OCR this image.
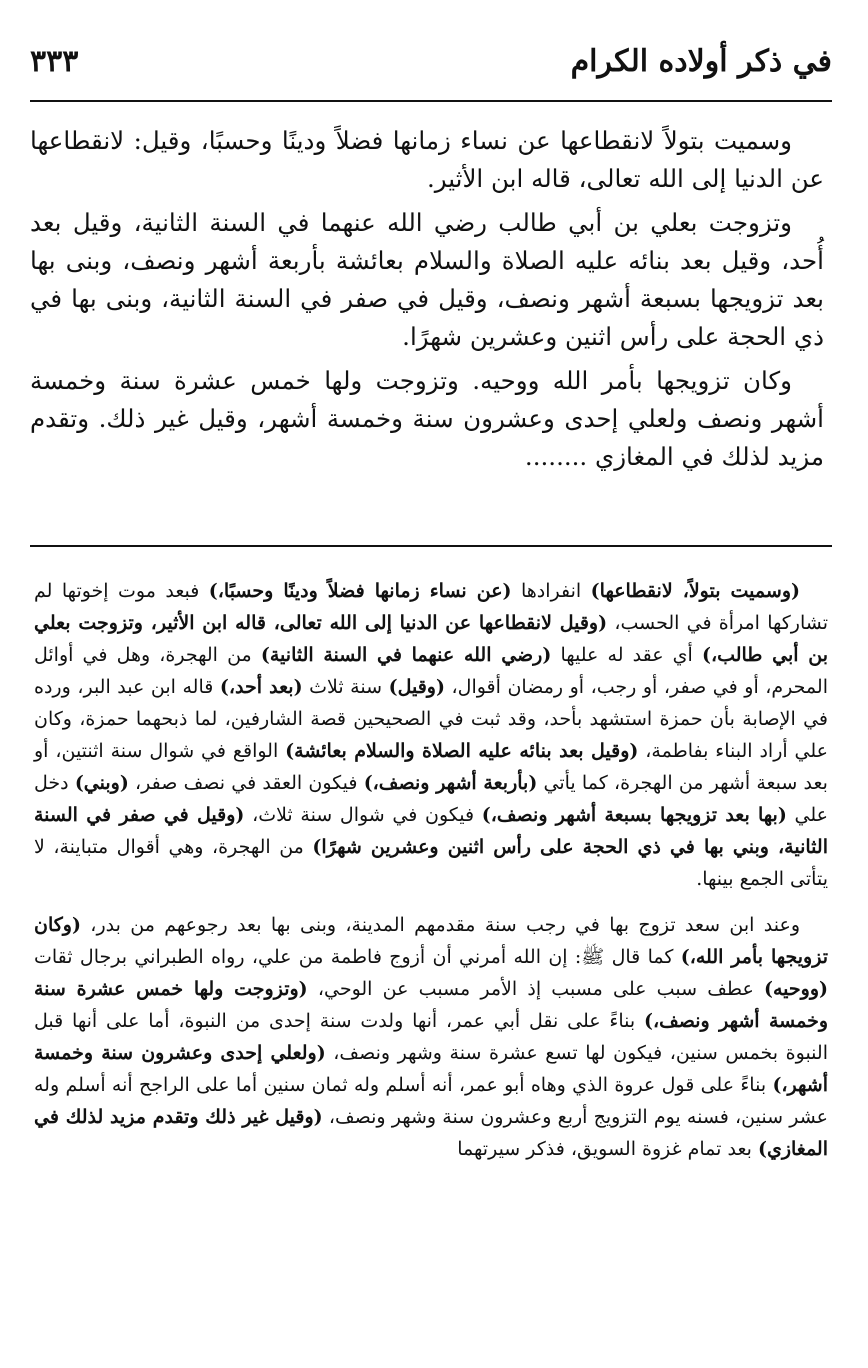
في ذكر أولاده الكرام
٣٣٣

وسميت بتولاً لانقطاعها عن نساء زمانها فضلاً ودينًا وحسبًا، وقيل: لانقطاعها عن الدنيا إلى الله تعالى، قاله ابن الأثير.

وتزوجت بعلي بن أبي طالب رضي الله عنهما في السنة الثانية، وقيل بعد أُحد، وقيل بعد بنائه عليه الصلاة والسلام بعائشة بأربعة أشهر ونصف، وبنى بها بعد تزويجها بسبعة أشهر ونصف، وقيل في صفر في السنة الثانية، وبنى بها في ذي الحجة على رأس اثنين وعشرين شهرًا.

وكان تزويجها بأمر الله ووحيه. وتزوجت ولها خمس عشرة سنة وخمسة أشهر ونصف ولعلي إحدى وعشرون سنة وخمسة أشهر، وقيل غير ذلك. وتقدم مزيد لذلك في المغازي ........

(وسميت بتولاً، لانقطاعها) انفرادها (عن نساء زمانها فضلاً ودينًا وحسبًا،) فبعد موت إخوتها لم تشاركها امرأة في الحسب، (وقيل لانقطاعها عن الدنيا إلى الله تعالى، قاله ابن الأثير، وتزوجت بعلي بن أبي طالب،) أي عقد له عليها (رضي الله عنهما في السنة الثانية) من الهجرة، وهل في أوائل المحرم، أو في صفر، أو رجب، أو رمضان أقوال، (وقيل) سنة ثلاث (بعد أحد،) قاله ابن عبد البر، ورده في الإصابة بأن حمزة استشهد بأحد، وقد ثبت في الصحيحين قصة الشارفين، لما ذبحهما حمزة، وكان علي أراد البناء بفاطمة، (وقيل بعد بنائه عليه الصلاة والسلام بعائشة) الواقع في شوال سنة اثنتين، أو بعد سبعة أشهر من الهجرة، كما يأتي (بأربعة أشهر ونصف،) فيكون العقد في نصف صفر، (وبني) دخل علي (بها بعد تزويجها بسبعة أشهر ونصف،) فيكون في شوال سنة ثلاث، (وقيل في صفر في السنة الثانية، وبني بها في ذي الحجة على رأس اثنين وعشرين شهرًا) من الهجرة، وهي أقوال متباينة، لا يتأتى الجمع بينها.

وعند ابن سعد تزوج بها في رجب سنة مقدمهم المدينة، وبنى بها بعد رجوعهم من بدر، (وكان تزويجها بأمر الله،) كما قال ﷺ: إن الله أمرني أن أزوج فاطمة من علي، رواه الطبراني برجال ثقات (ووحيه) عطف سبب على مسبب إذ الأمر مسبب عن الوحي، (وتزوجت ولها خمس عشرة سنة وخمسة أشهر ونصف،) بناءً على نقل أبي عمر، أنها ولدت سنة إحدى من النبوة، أما على أنها قبل النبوة بخمس سنين، فيكون لها تسع عشرة سنة وشهر ونصف، (ولعلي إحدى وعشرون سنة وخمسة أشهر،) بناءً على قول عروة الذي وهاه أبو عمر، أنه أسلم وله ثمان سنين أما على الراجح أنه أسلم وله عشر سنين، فسنه يوم التزويج أربع وعشرون سنة وشهر ونصف، (وقيل غير ذلك وتقدم مزيد لذلك في المغازي) بعد تمام غزوة السويق، فذكر سيرتهما
